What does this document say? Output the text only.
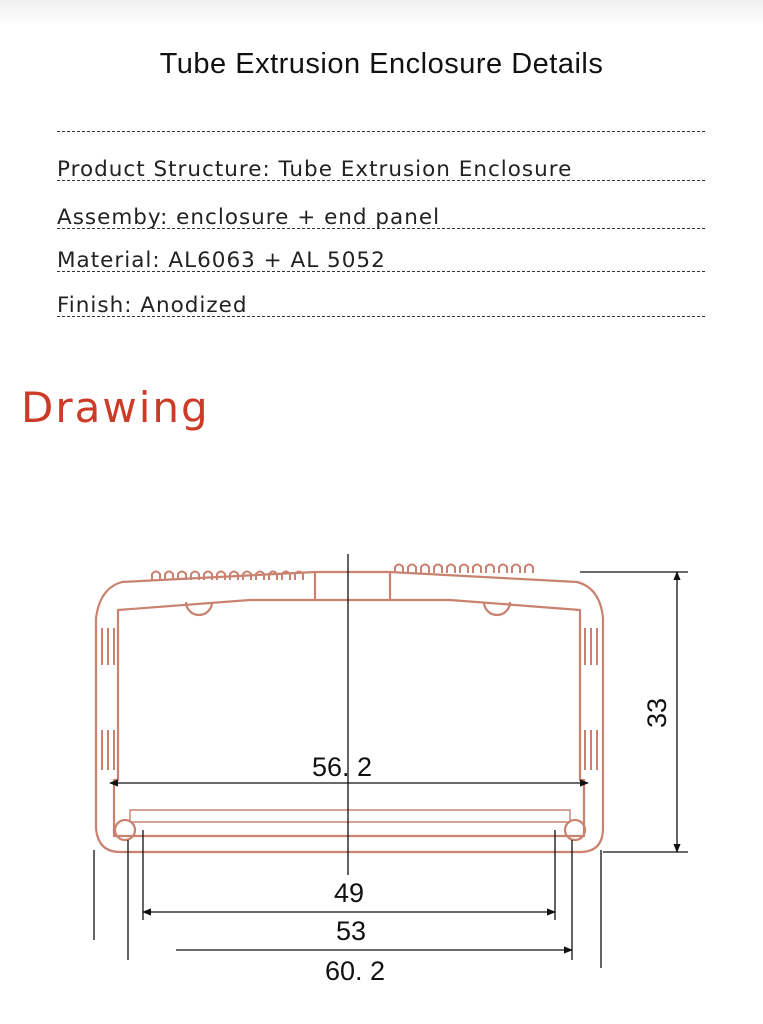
Tube Extrusion Enclosure Details
Product Structure: Tube Extrusion Enclosure
Assemby: enclosure + end panel
Material: AL6063 + AL 5052
Finish: Anodized
Drawing
56. 2
33
49
53
60. 2
